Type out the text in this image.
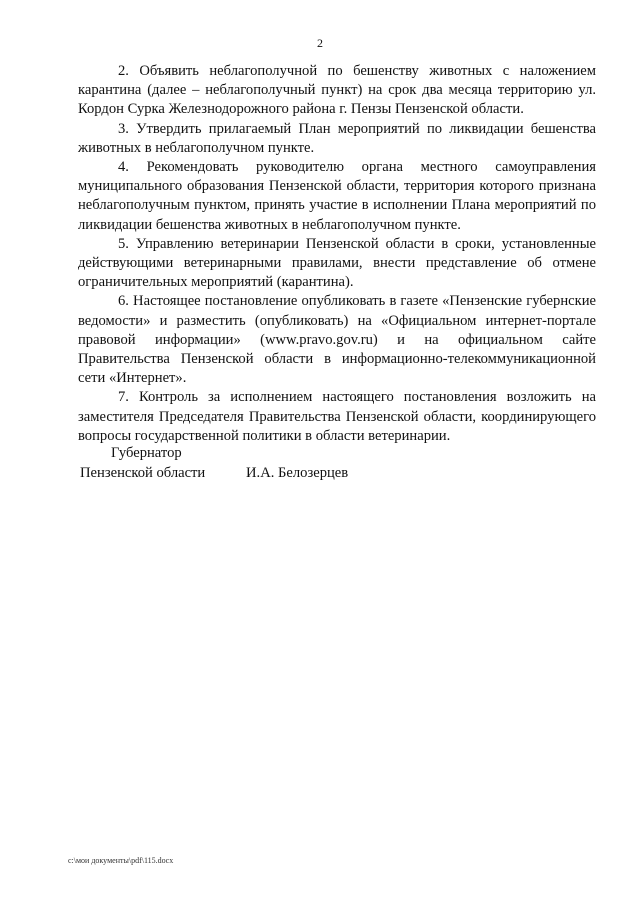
2

2. Объявить неблагополучной по бешенству животных с наложением карантина (далее – неблагополучный пункт) на срок два месяца территорию ул. Кордон Сурка Железнодорожного района г. Пензы Пензенской области.

3. Утвердить прилагаемый План мероприятий по ликвидации бешенства животных в неблагополучном пункте.

4. Рекомендовать руководителю органа местного самоуправления муниципального образования Пензенской области, территория которого признана неблагополучным пунктом, принять участие в исполнении Плана мероприятий по ликвидации бешенства животных в неблагополучном пункте.

5. Управлению ветеринарии Пензенской области в сроки, установленные действующими ветеринарными правилами, внести представление об отмене ограничительных мероприятий (карантина).

6. Настоящее постановление опубликовать в газете «Пензенские губернские ведомости» и разместить (опубликовать) на «Официальном интернет-портале правовой информации» (www.pravo.gov.ru) и на официальном сайте Правительства Пензенской области в информационно-телекоммуникационной сети «Интернет».

7. Контроль за исполнением настоящего постановления возложить на заместителя Председателя Правительства Пензенской области, координирующего вопросы государственной политики в области ветеринарии.

Губернатор
Пензенской области	И.А. Белозерцев
c:\мои документы\pdf\115.docx
